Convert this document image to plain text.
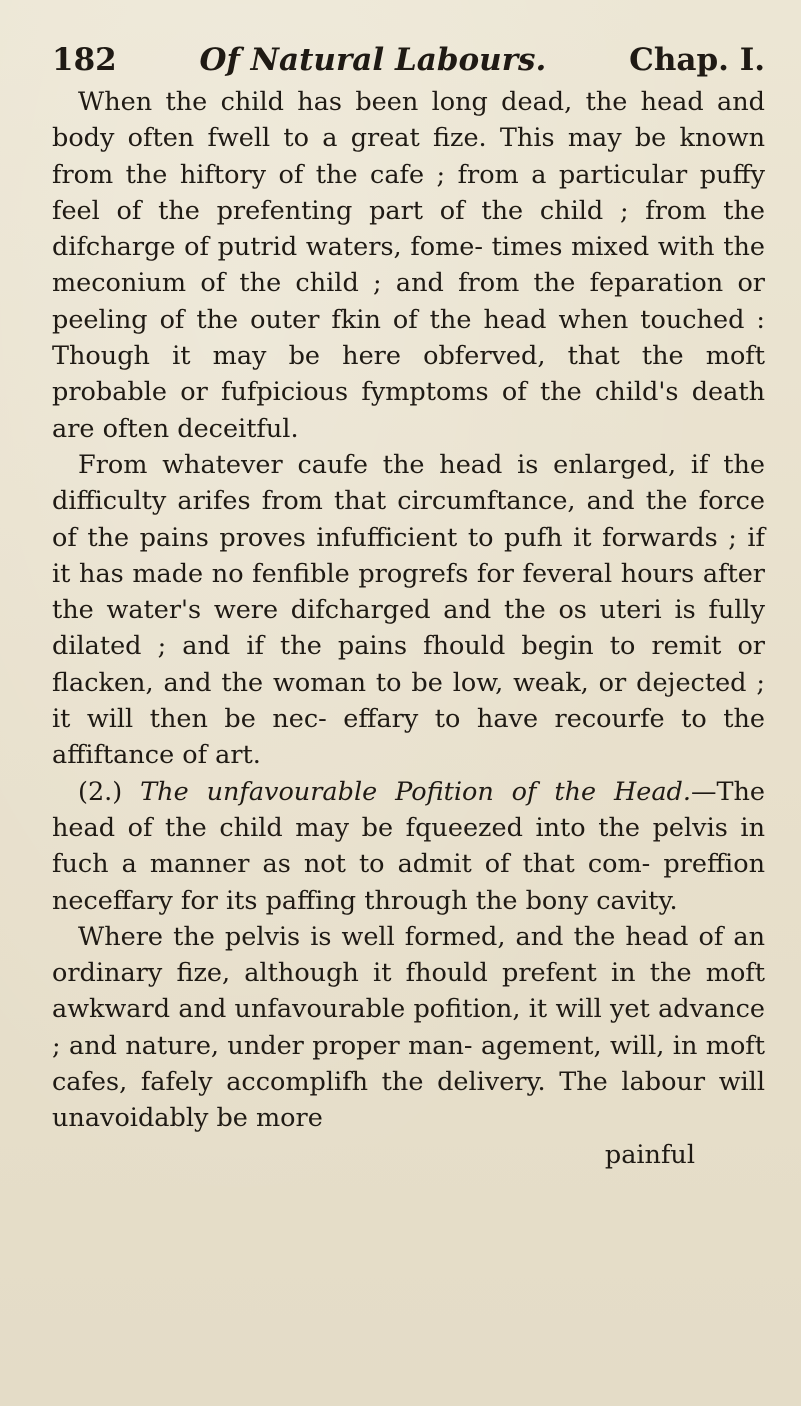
182	Of Natural Labours.	Chap. I.

When the child has been long dead, the head and body often fwell to a great fize. This may be known from the hiftory of the cafe ; from a particular puffy feel of the prefenting part of the child ; from the difcharge of putrid waters, fome- times mixed with the meconium of the child ; and from the feparation or peeling of the outer fkin of the head when touched : Though it may be here obferved, that the moft probable or fufpicious fymptoms of the child's death are often deceitful.

From whatever caufe the head is enlarged, if the difficulty arifes from that circumftance, and the force of the pains proves infufficient to pufh it forwards ; if it has made no fenfible progrefs for feveral hours after the water's were difcharged and the os uteri is fully dilated ; and if the pains fhould begin to remit or flacken, and the woman to be low, weak, or dejected ; it will then be nec- effary to have recourfe to the affiftance of art.

(2.) The unfavourable Pofition of the Head.—The head of the child may be fqueezed into the pelvis in fuch a manner as not to admit of that com- preffion neceffary for its paffing through the bony cavity.

Where the pelvis is well formed, and the head of an ordinary fize, although it fhould prefent in the moft awkward and unfavourable pofition, it will yet advance ; and nature, under proper man- agement, will, in moft cafes, fafely accomplifh the delivery. The labour will unavoidably be more

painful
